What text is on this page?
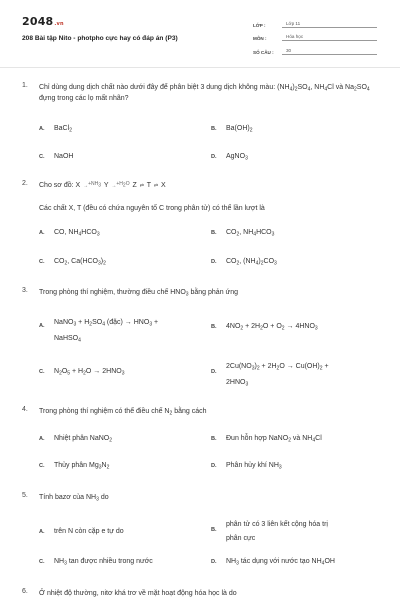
2048.vn
208 Bài tập Nito - photpho cực hay có đáp án (P3)
LỚP :	Lớp 11
MÔN :	Hóa học
SỐ CÂU :	30
1.	Chỉ dùng dung dịch chất nào dưới đây để phân biệt 3 dung dịch không màu: $(NH_4)_2SO_4$, $NH_4Cl$ và $Na_2SO_4$ đựng trong các lọ mất nhãn?
A.	BaCl$_2$	B.	$Ba(OH)_2$
C.	NaOH	D.	AgNO$_3$
2.	Cho sơ đồ: X →$^{+NH_3}$ Y →$^{+H_2O}$ Z ⇄ T ⇄ X
Các chất X, T (đều có chứa nguyên tố C trong phân tử) có thể lần lượt là
A.	CO, $NH_4HCO_3$	B.	$CO_2$, $NH_4HCO_3$
C.	$CO_2$, $Ca(HCO_3)_2$	D.	$CO_2$, $(NH_4)_2CO_3$
3.	Trong phòng thí nghiệm, thường điều chế $HNO_3$ bằng phản ứng
A.	NaNO$_3$ + $H_2SO_4$ (đặc) → $HNO_3$ +
NaHSO$_4$
B.	$4NO_2 + 2H_2O + O_2 \to 4HNO_3$
C.	$N_2O_5 + H_2O \to 2HNO_3$	D.
$2Cu(NO_3)_2 + 2H_2O \to Cu(OH)_2$ +
$2HNO_3$
4.	Trong phòng thí nghiệm có thể điều chế $N_2$ bằng cách
A.	Nhiệt phân NaNO$_2$	B.	Đun hỗn hợp NaNO$_2$ và $NH_4Cl$
C.	Thủy phân $Mg_3N_2$	D.	Phân hủy khí $NH_3$
5.	Tính bazơ của $NH_3$ do
A.	trên N còn cặp e tự do	B.
phân tử có 3 liên kết cộng hóa trị
phân cực
C.	$NH_3$ tan được nhiều trong nước	D.	$NH_3$ tác dụng với nước tạo $NH_4OH$
6.	Ở nhiệt độ thường, nitơ khá trơ về mặt hoạt động hóa học là do
